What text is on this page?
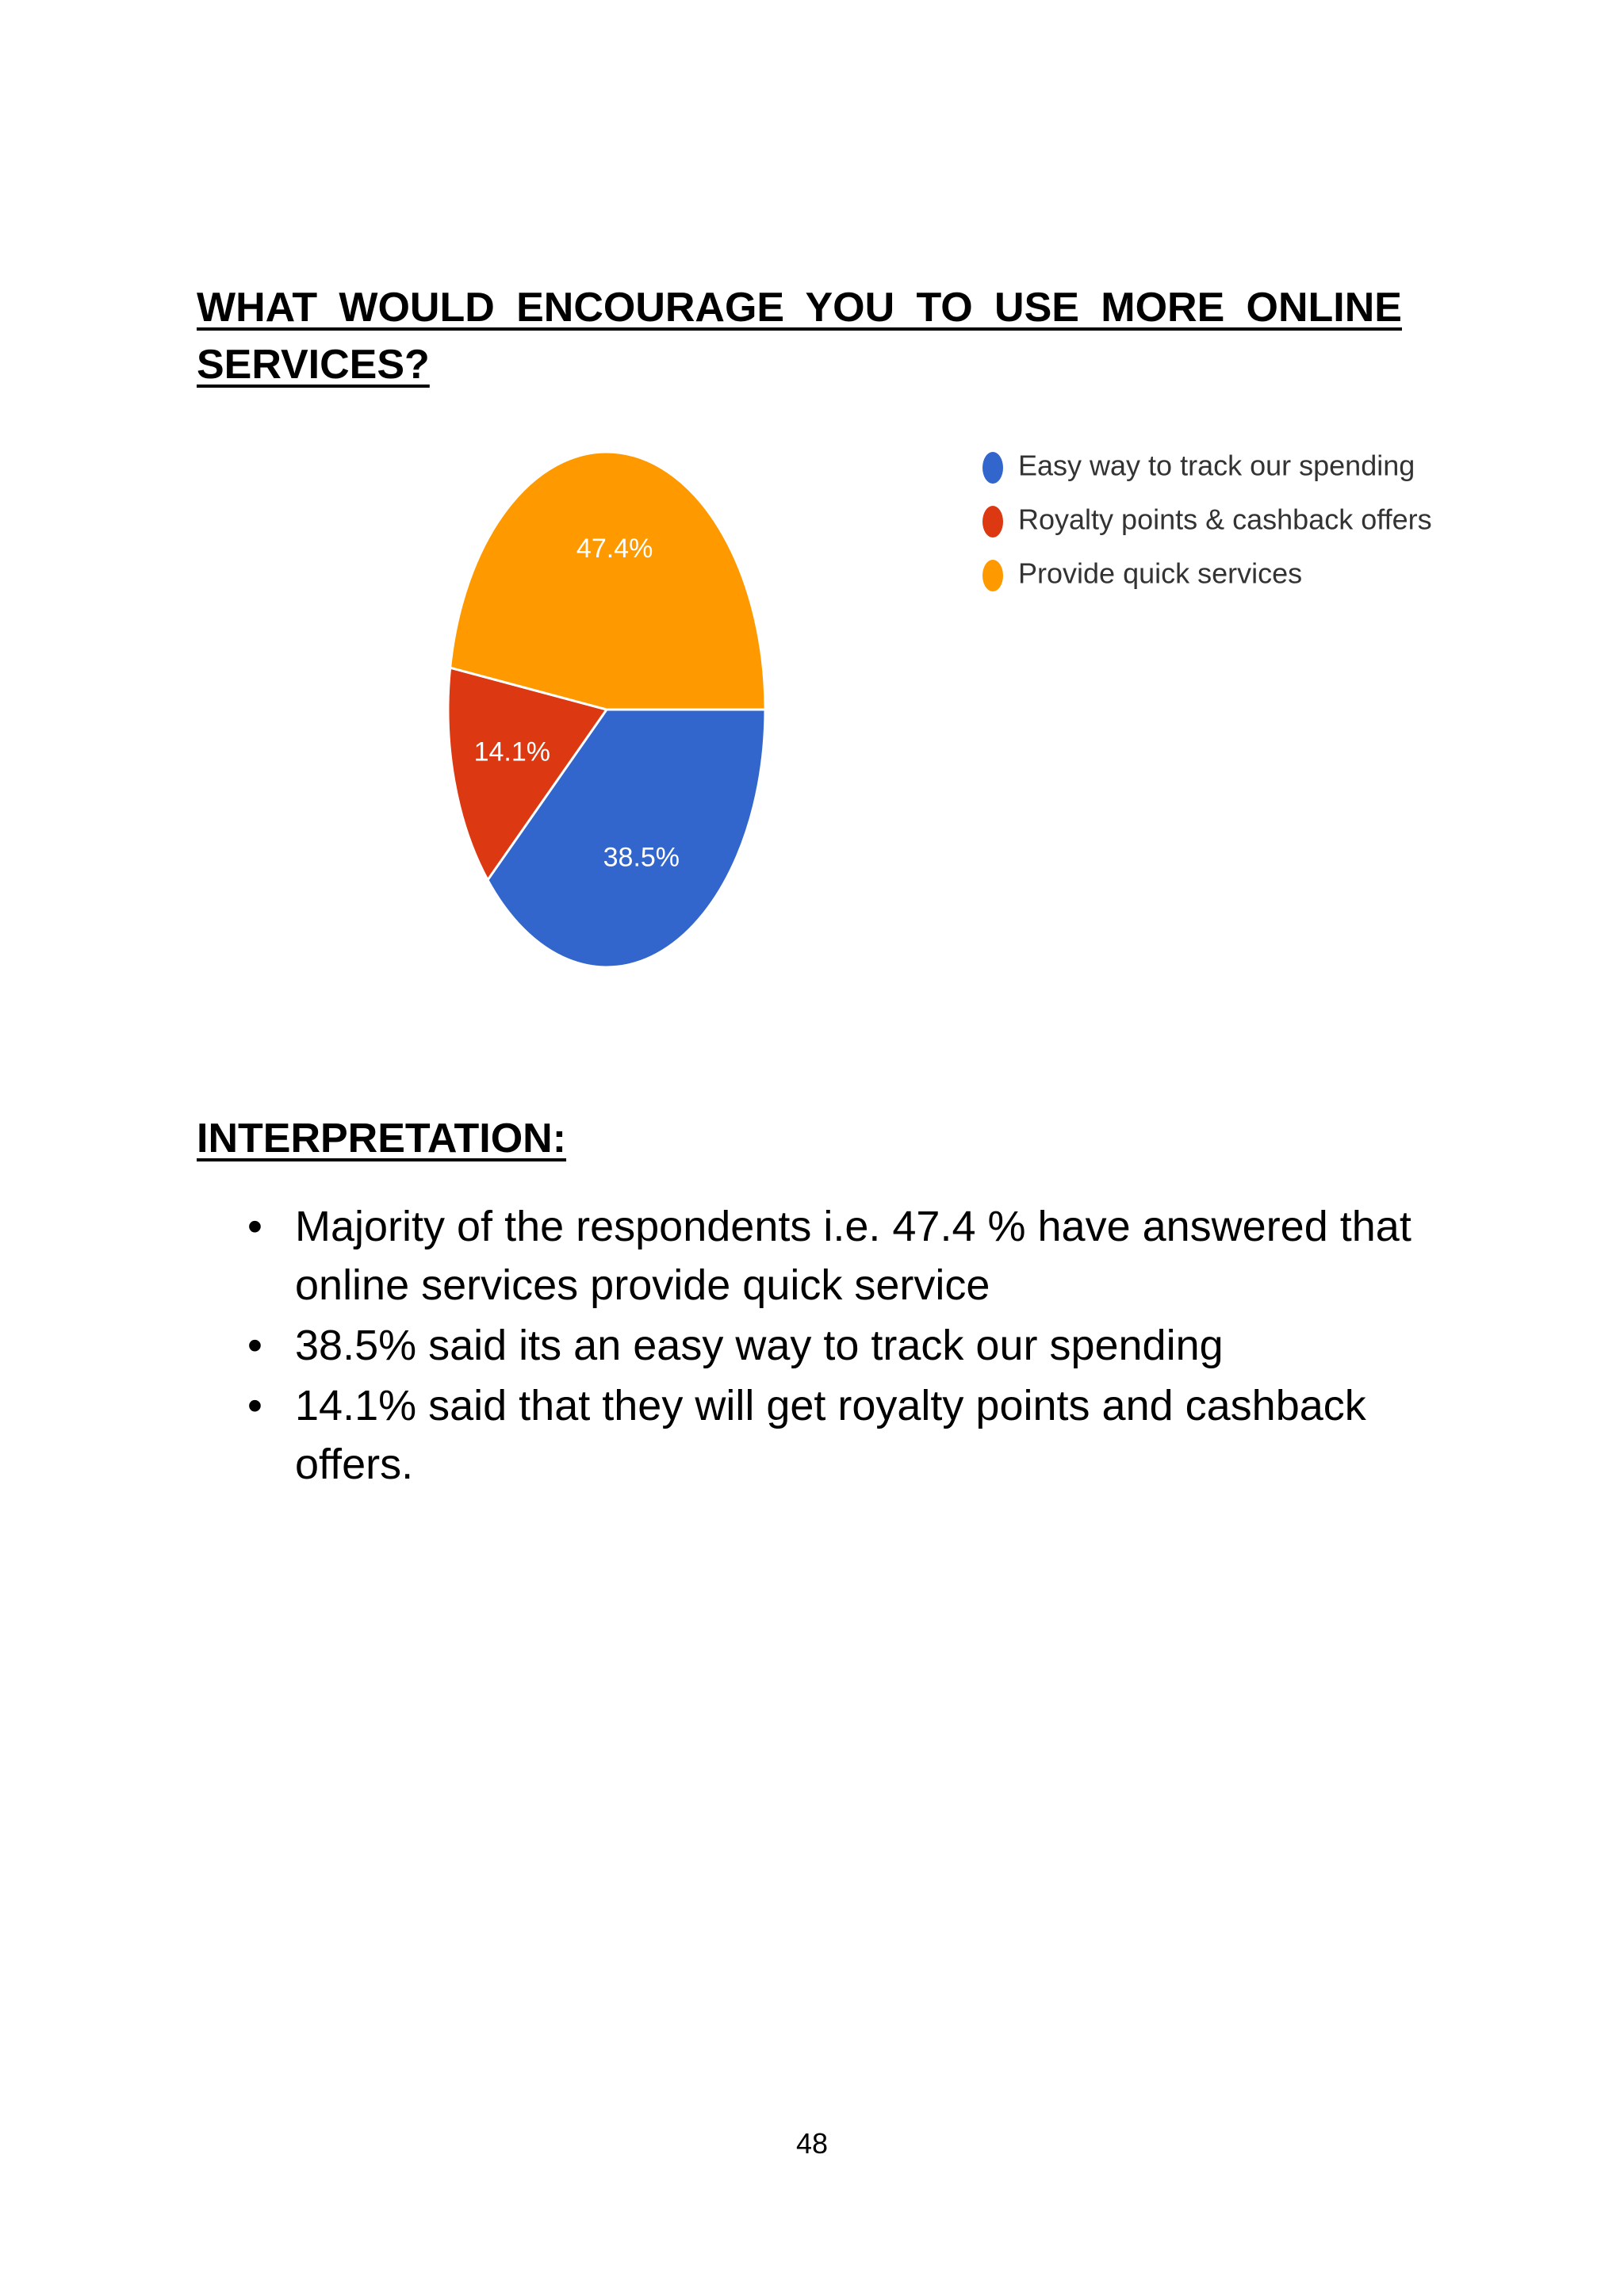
WHAT WOULD ENCOURAGE YOU TO USE MORE ONLINE SERVICES?
38.5%
14.1%
47.4%
Easy way to track our spending
Royalty points & cashback offers
Provide quick services
INTERPRETATION:
• Majority of the respondents i.e. 47.4 % have answered that online services provide quick service
• 38.5% said its an easy way to track our spending
• 14.1% said that they will get royalty points and cashback offers.
48
